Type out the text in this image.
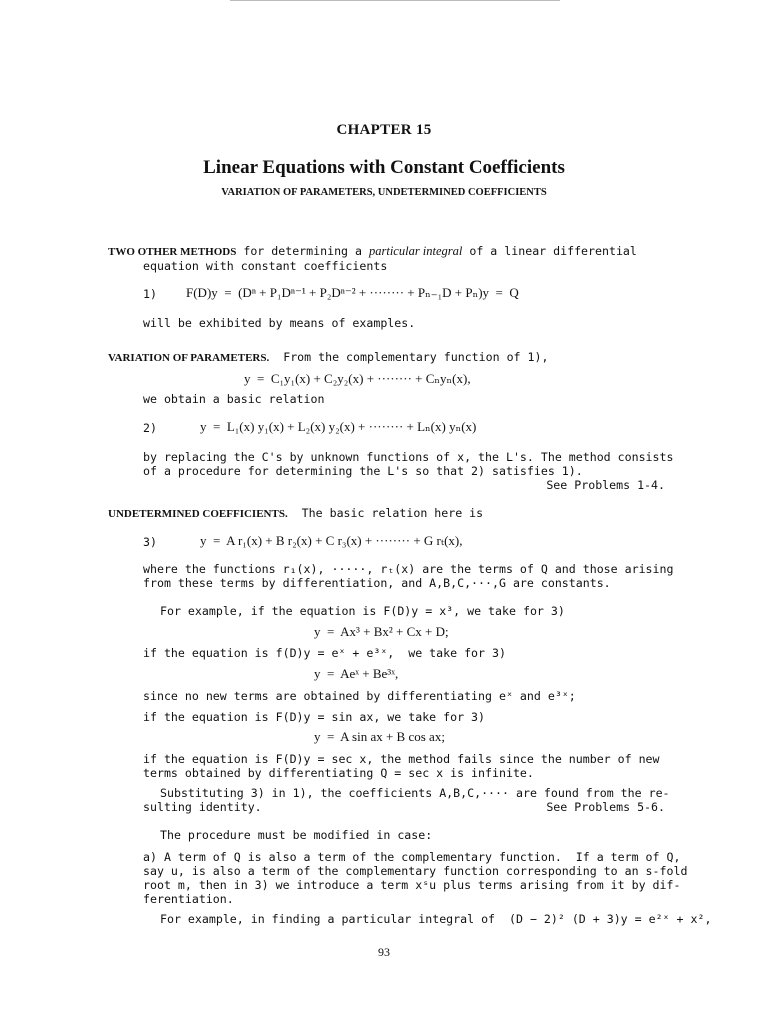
CHAPTER 15
Linear Equations with Constant Coefficients
VARIATION OF PARAMETERS, UNDETERMINED COEFFICIENTS
TWO OTHER METHODS for determining a particular integral of a linear differential
equation with constant coefficients
1) F(D)y  =  (Dⁿ + P₁Dⁿ⁻¹ + P₂Dⁿ⁻² + ········ + Pₙ₋₁D + Pₙ)y  =  Q
will be exhibited by means of examples.
VARIATION OF PARAMETERS.  From the complementary function of 1),
y  =  C₁y₁(x) + C₂y₂(x) + ········ + Cₙyₙ(x),
we obtain a basic relation
2)	y  =  L₁(x) y₁(x) + L₂(x) y₂(x) + ········ + Lₙ(x) yₙ(x)
by replacing the C's by unknown functions of x, the L's. The method consists
of a procedure for determining the L's so that 2) satisfies 1).
See Problems 1-4.
UNDETERMINED COEFFICIENTS.  The basic relation here is
3)	y  =  A r₁(x) + B r₂(x) + C r₃(x) + ········ + G rₜ(x),
where the functions r₁(x), ·····, rₜ(x) are the terms of Q and those arising
from these terms by differentiation, and A,B,C,···,G are constants.
For example, if the equation is F(D)y = x³, we take for 3)
y  =  Ax³ + Bx² + Cx + D;
if the equation is f(D)y = eˣ + e³ˣ,  we take for 3)
y  =  Aeˣ + Be³ˣ,
since no new terms are obtained by differentiating eˣ and e³ˣ;
if the equation is F(D)y = sin ax, we take for 3)
y  =  A sin ax + B cos ax;
if the equation is F(D)y = sec x, the method fails since the number of new
terms obtained by differentiating Q = sec x is infinite.
Substituting 3) in 1), the coefficients A,B,C,···· are found from the re-
sulting identity.	See Problems 5-6.
The procedure must be modified in case:
a) A term of Q is also a term of the complementary function.  If a term of Q,
say u, is also a term of the complementary function corresponding to an s-fold
root m, then in 3) we introduce a term xˢu plus terms arising from it by dif-
ferentiation.
For example, in finding a particular integral of  (D − 2)² (D + 3)y = e²ˣ + x²,
93
